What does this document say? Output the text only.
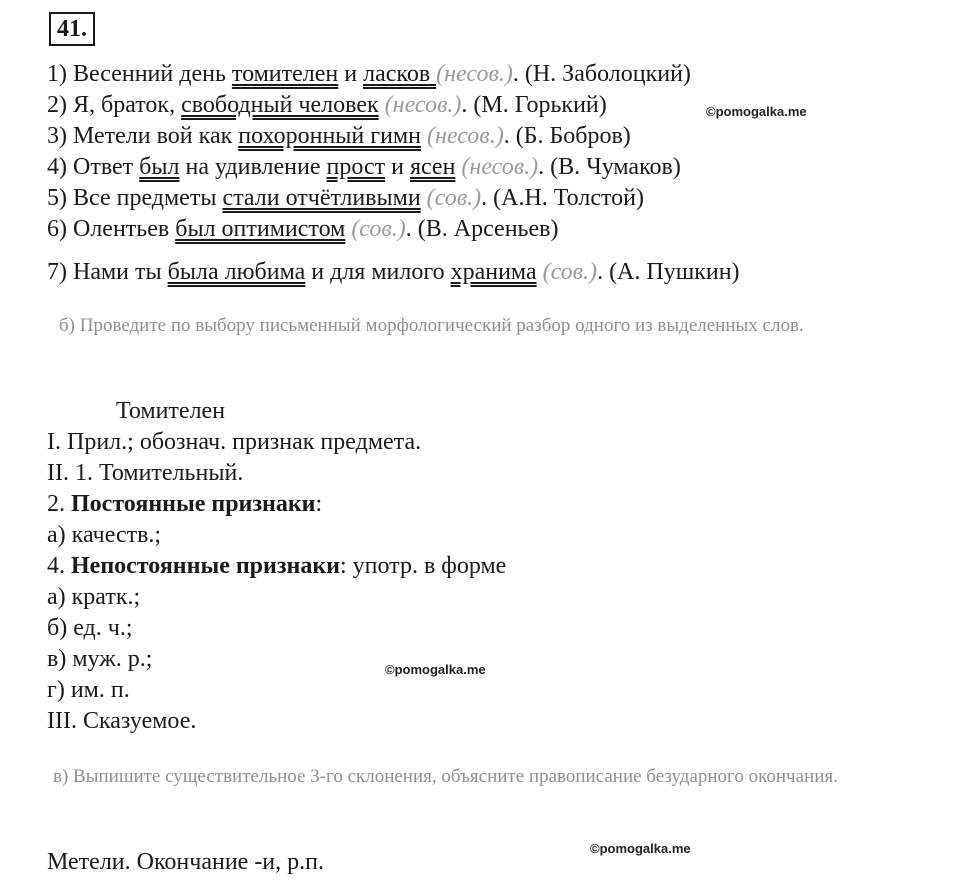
41.
1) Весенний день томителен и ласков (несов.). (Н. Заболоцкий)
2) Я, браток, свободный человек (несов.). (М. Горький)
3) Метели вой как похоронный гимн (несов.). (Б. Бобров)
4) Ответ был на удивление прост и ясен (несов.). (В. Чумаков)
5) Все предметы стали отчётливыми (сов.). (А.Н. Толстой)
6) Олентьев был оптимистом (сов.). (В. Арсеньев)
7) Нами ты была любима и для милого хранима (сов.). (А. Пушкин)
б) Проведите по выбору письменный морфологический разбор одного из выделенных слов.
Томителен
I. Прил.; обознач. признак предмета.
II. 1. Томительный.
2. Постоянные признаки:
а) качеств.;
4. Непостоянные признаки: употр. в форме
а) кратк.;
б) ед. ч.;
в) муж. р.;
г) им. п.
III. Сказуемое.
в) Выпишите существительное 3-го склонения, объясните правописание безударного окончания.
Метели. Окончание -и, р.п.
©pomogalka.me
©pomogalka.me
©pomogalka.me
